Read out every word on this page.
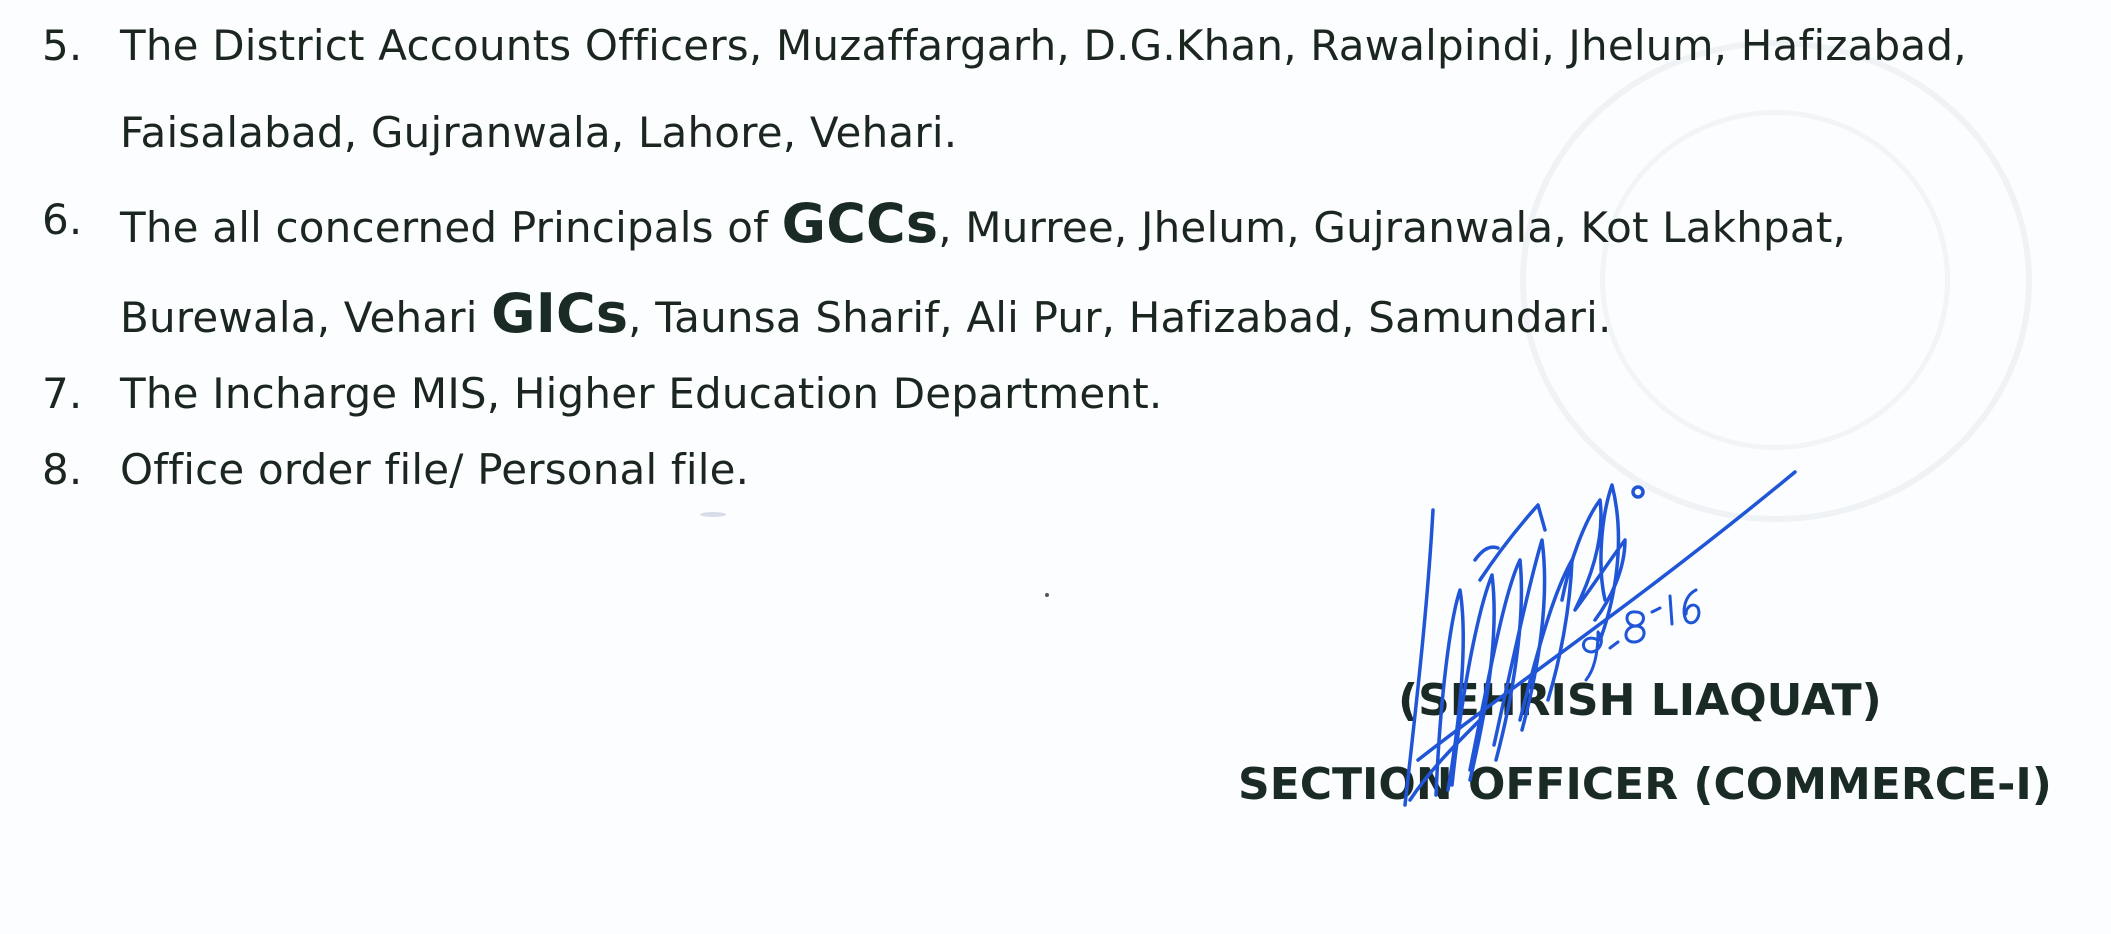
5. The District Accounts Officers, Muzaffargarh, D.G.Khan, Rawalpindi, Jhelum, Hafizabad,
Faisalabad, Gujranwala, Lahore, Vehari.
6. The all concerned Principals of GCCs, Murree, Jhelum, Gujranwala, Kot Lakhpat,
Burewala, Vehari GICs, Taunsa Sharif, Ali Pur, Hafizabad, Samundari.
7. The Incharge MIS, Higher Education Department.
8. Office order file/ Personal file.
(SEHRISH LIAQUAT)
SECTION OFFICER (COMMERCE-I)
